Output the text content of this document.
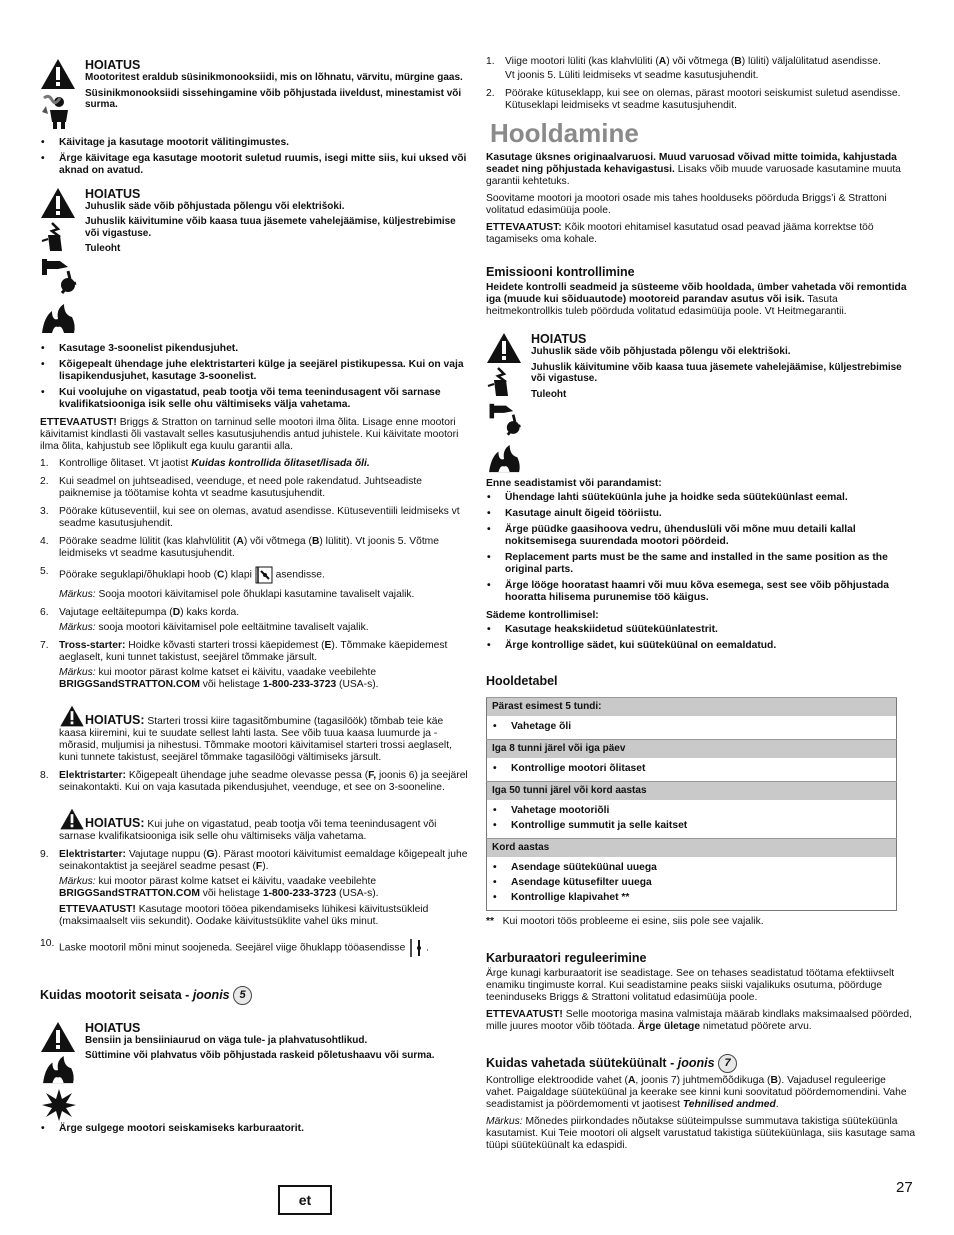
HOIATUS

Mootoritest eraldub süsinikmonooksiidi, mis on lõhnatu, värvitu, mürgine gaas.

Süsinikmonooksiidi sissehingamine võib põhjustada iiveldust, minestamist või surma.

• Käivitage ja kasutage mootorit välitingimustes.
• Ärge käivitage ega kasutage mootorit suletud ruumis, isegi mitte siis, kui uksed või aknad on avatud.

HOIATUS

Juhuslik säde võib põhjustada põlengu või elektrišoki.

Juhuslik käivitumine võib kaasa tuua jäsemete vahelejäämise, küljestrebimise või vigastuse.

Tuleoht

• Kasutage 3-soonelist pikendusjuhet.
• Kõigepealt ühendage juhe elektristarteri külge ja seejärel pistikupessa. Kui on vaja lisapikendusjuhet, kasutage 3-soonelist.
• Kui voolujuhe on vigastatud, peab tootja või tema teenindusagent või sarnase kvalifikatsiooniga isik selle ohu vältimiseks välja vahetama.

ETTEVAATUST! Briggs & Stratton on tarninud selle mootori ilma õlita. Lisage enne mootori käivitamist kindlasti õli vastavalt selles kasutusjuhendis antud juhistele. Kui käivitate mootori ilma õlita, kahjustub see lõplikult ega kuulu garantii alla.

1. Kontrollige õlitaset. Vt jaotist Kuidas kontrollida õlitaset/lisada õli.
2. Kui seadmel on juhtseadised, veenduge, et need pole rakendatud. Juhtseadiste paiknemise ja töötamise kohta vt seadme kasutusjuhendit.
3. Pöörake kütuseventiil, kui see on olemas, avatud asendisse. Kütuseventiili leidmiseks vt seadme kasutusjuhendit.
4. Pöörake seadme lülitit (kas klahvlülitit (A) või võtmega (B) lülitit). Vt joonis 5. Võtme leidmiseks vt seadme kasutusjuhendit.
5. Pöörake seguklapi/õhuklapi hoob (C) klapi  asendisse.
Märkus: Sooja mootori käivitamisel pole õhuklapi kasutamine tavaliselt vajalik.
6. Vajutage eeltäitepumpa (D) kaks korda.
Märkus: sooja mootori käivitamisel pole eeltäitmine tavaliselt vajalik.
7. Tross-starter: Hoidke kõvasti starteri trossi käepidemest (E). Tõmmake käepidemest aeglaselt, kuni tunnet takistust, seejärel tõmmake järsult.
Märkus: kui mootor pärast kolme katset ei käivitu, vaadake veebilehte BRIGGSandSTRATTON.COM või helistage 1-800-233-3723 (USA-s).
HOIATUS: Starteri trossi kiire tagasitõmbumine (tagasilöök) tõmbab teie käe kaasa kiiremini, kui te suudate sellest lahti lasta. See võib tuua kaasa luumurde ja -mõrasid, muljumisi ja nihestusi. Tõmmake mootori käivitamisel starteri trossi aeglaselt, kuni tunnete takistust, seejärel tõmmake tagasilöögi vältimiseks järsult.
8. Elektristarter: Kõigepealt ühendage juhe seadme olevasse pessa (F, joonis 6) ja seejärel seinakontakti. Kui on vaja kasutada pikendusjuhet, veenduge, et see on 3-sooneline.
HOIATUS: Kui juhe on vigastatud, peab tootja või tema teenindusagent või sarnase kvalifikatsiooniga isik selle ohu vältimiseks välja vahetama.
9. Elektristarter: Vajutage nuppu (G). Pärast mootori käivitumist eemaldage kõigepealt juhe seinakontaktist ja seejärel seadme pesast (F).
Märkus: kui mootor pärast kolme katset ei käivitu, vaadake veebilehte BRIGGSandSTRATTON.COM või helistage 1-800-233-3723 (USA-s).
ETTEVAATUST! Kasutage mootori tööea pikendamiseks lühikesi käivitustsükleid (maksimaalselt viis sekundit). Oodake käivitustsüklite vahel üks minut.
10. Laske mootoril mõni minut soojeneda. Seejärel viige õhuklapp tööasendisse .
Kuidas mootorit seisata - joonis 5

HOIATUS

Bensiin ja bensiiniaurud on väga tule- ja plahvatusohtlikud.

Süttimine või plahvatus võib põhjustada raskeid põletushaavu või surma.

• Ärge sulgege mootori seiskamiseks karburaatorit.
1. Viige mootori lüliti (kas klahvlüliti (A) või võtmega (B) lüliti) väljalülitatud asendisse.
Vt joonis 5. Lüliti leidmiseks vt seadme kasutusjuhendit.
2. Pöörake kütuseklapp, kui see on olemas, pärast mootori seiskumist suletud asendisse. Kütuseklapi leidmiseks vt seadme kasutusjuhendit.
Hooldamine

Kasutage üksnes originaalvaruosi. Muud varuosad võivad mitte toimida, kahjustada seadet ning põhjustada kehavigastusi. Lisaks võib muude varuosade kasutamine muuta garantii kehtetuks.

Soovitame mootori ja mootori osade mis tahes hoolduseks pöörduda Briggs’i & Strattoni volitatud edasimüüja poole.

ETTEVAATUST: Kõik mootori ehitamisel kasutatud osad peavad jääma korrektse töö tagamiseks oma kohale.

Emissiooni kontrollimine

Heidete kontrolli seadmeid ja süsteeme võib hooldada, ümber vahetada või remontida iga (muude kui sõiduautode) mootoreid parandav asutus või isik. Tasuta heitmekontrollkis tuleb pöörduda volitatud edasimüüja poole. Vt Heitmegarantii.

HOIATUS

Juhuslik säde võib põhjustada põlengu või elektrišoki.

Juhuslik käivitumine võib kaasa tuua jäsemete vahelejäämise, küljestrebimise või vigastuse.

Tuleoht

Enne seadistamist või parandamist:

• Ühendage lahti süüteküünla juhe ja hoidke seda süüteküünlast eemal.
• Kasutage ainult õigeid tööriistu.
• Ärge püüdke gaasihoova vedru, ühenduslüli või mõne muu detaili kallal nokitsemisega suurendada mootori pöördeid.
• Replacement parts must be the same and installed in the same position as the original parts.
• Ärge lööge hooratast haamri või muu kõva esemega, sest see võib põhjustada hooratta hilisema purunemise töö käigus.

Sädeme kontrollimisel:

• Kasutage heakskiidetud süüteküünlatestrit.
• Ärge kontrollige sädet, kui süüteküünal on eemaldatud.
Hooldetabel
Pärast esimest 5 tundi:

• Vahetage õli

Iga 8 tunni järel või iga päev

• Kontrollige mootori õlitaset

Iga 50 tunni järel või kord aastas

• Vahetage mootoriõli
• Kontrollige summutit ja selle kaitset

Kord aastas

• Asendage süüteküünal uuega
• Asendage kütusefilter uuega
• Kontrollige klapivahet **

** Kui mootori töös probleeme ei esine, siis pole see vajalik.

Karburaatori reguleerimine

Ärge kunagi karburaatorit ise seadistage. See on tehases seadistatud töötama efektiivselt enamiku tingimuste korral. Kui seadistamine peaks siiski vajalikuks osutuma, pöörduge teeninduseks Briggs & Strattoni volitatud edasimüüja poole.

ETTEVAATUST! Selle mootoriga masina valmistaja määrab kindlaks maksimaalsed pöörded, mille juures mootor võib töötada. Ärge ületage nimetatud pöörete arvu.

Kuidas vahetada süüteküünalt - joonis 7

Kontrollige elektroodide vahet (A, joonis 7) juhtmemõõdikuga (B). Vajadusel reguleerige vahet. Paigaldage süüteküünal ja keerake see kinni kuni soovitatud pöördemomendini. Vahe seadistamist ja pöördemomenti vt jaotisest Tehnilised andmed.

Märkus: Mõnedes piirkondades nõutakse süüteimpulsse summutava takistiga süüteküünla kasutamist. Kui Teie mootori oli algselt varustatud takistiga süüteküünlaga, siis kasutage sama tüüpi süüteküünalt ka edaspidi.

et
27
